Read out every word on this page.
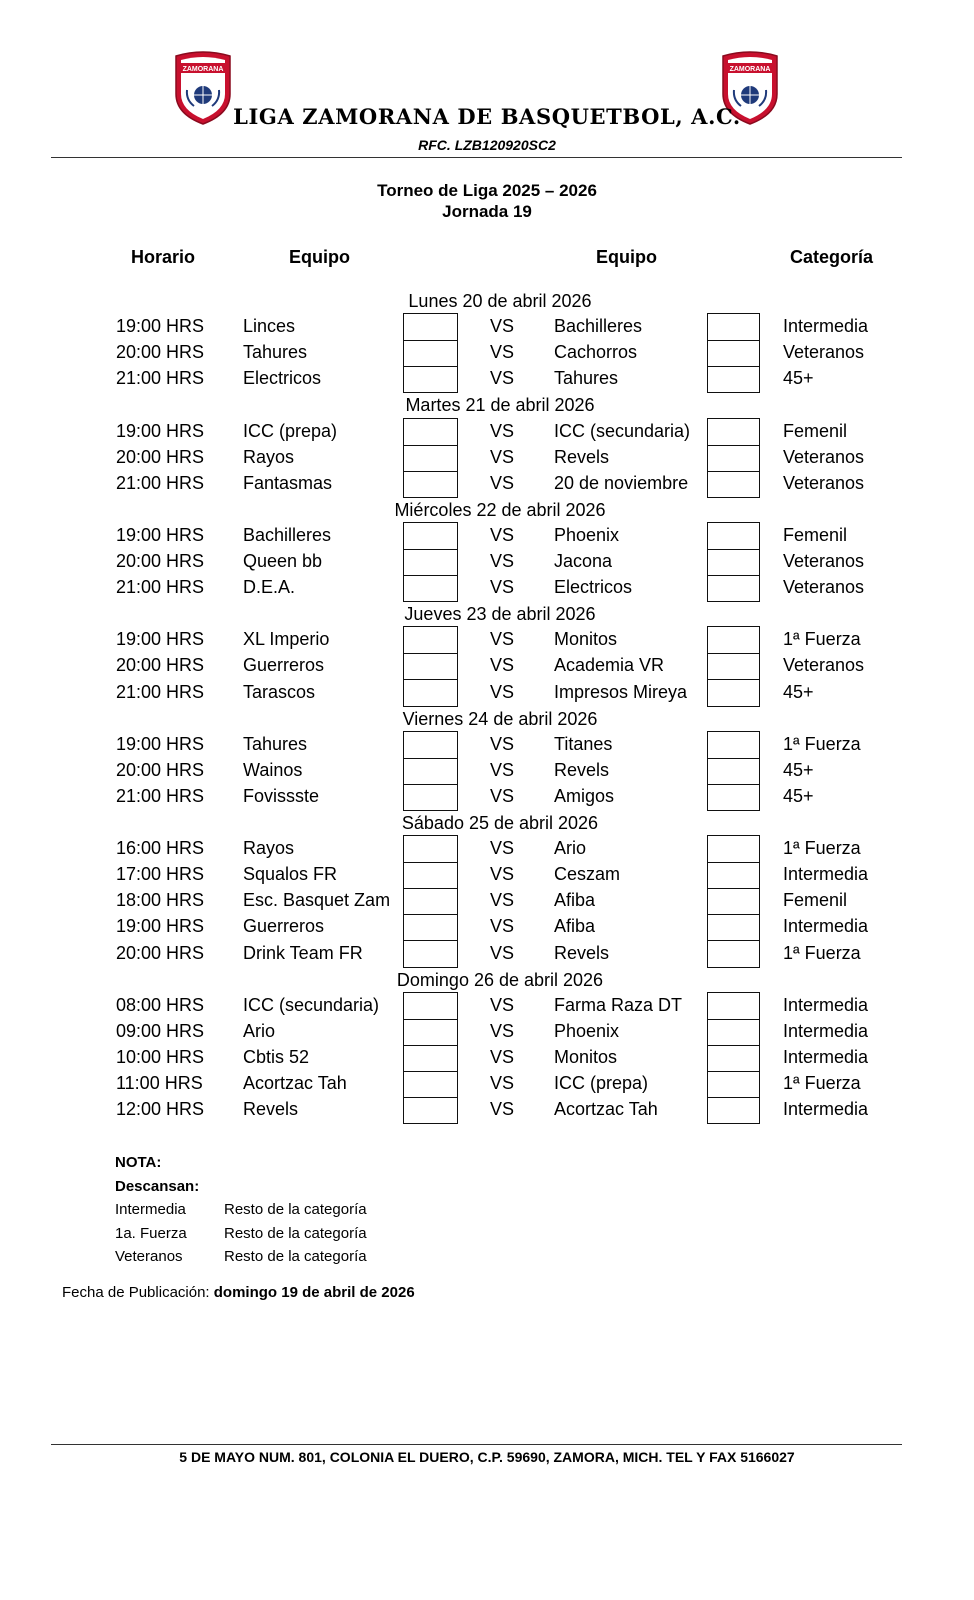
ZAMORANA	ZAMORANA
LIGA ZAMORANA DE BASQUETBOL, A.C.
RFC. LZB120920SC2
Torneo de Liga 2025 – 2026
Jornada 19
Horario	Equipo	Equipo	Categoría
Lunes 20 de abril 2026
19:00 HRS Linces	VS Bachilleres	Intermedia
20:00 HRS Tahures	VS Cachorros	Veteranos
21:00 HRS Electricos	VS Tahures	45+
Martes 21 de abril 2026
19:00 HRS ICC (prepa)	VS ICC (secundaria)	Femenil
20:00 HRS Rayos	VS Revels	Veteranos
21:00 HRS Fantasmas	VS 20 de noviembre	Veteranos
Miércoles 22 de abril 2026
19:00 HRS Bachilleres	VS Phoenix	Femenil
20:00 HRS Queen bb	VS Jacona	Veteranos
21:00 HRS D.E.A.	VS Electricos	Veteranos
Jueves 23 de abril 2026
19:00 HRS XL Imperio	VS Monitos	1ª Fuerza
20:00 HRS Guerreros	VS Academia VR	Veteranos
21:00 HRS Tarascos	VS Impresos Mireya	45+
Viernes 24 de abril 2026
19:00 HRS Tahures	VS Titanes	1ª Fuerza
20:00 HRS Wainos	VS Revels	45+
21:00 HRS Fovissste	VS Amigos	45+
Sábado 25 de abril 2026
16:00 HRS Rayos	VS Ario	1ª Fuerza
17:00 HRS Squalos FR	VS Ceszam	Intermedia
18:00 HRS Esc. Basquet Zam	VS Afiba	Femenil
19:00 HRS Guerreros	VS Afiba	Intermedia
20:00 HRS Drink Team FR	VS Revels	1ª Fuerza
Domingo 26 de abril 2026
08:00 HRS ICC (secundaria)	VS Farma Raza DT	Intermedia
09:00 HRS Ario	VS Phoenix	Intermedia
10:00 HRS Cbtis 52	VS Monitos	Intermedia
11:00 HRS Acortzac Tah	VS ICC (prepa)	1ª Fuerza
12:00 HRS Revels	VS Acortzac Tah	Intermedia
NOTA:
Descansan:
Intermedia	Resto de la categoría
1a. Fuerza Resto de la categoría
Veteranos	Resto de la categoría
Fecha de Publicación: domingo 19 de abril de 2026
5 DE MAYO NUM. 801, COLONIA EL DUERO, C.P. 59690, ZAMORA, MICH. TEL Y FAX 5166027
